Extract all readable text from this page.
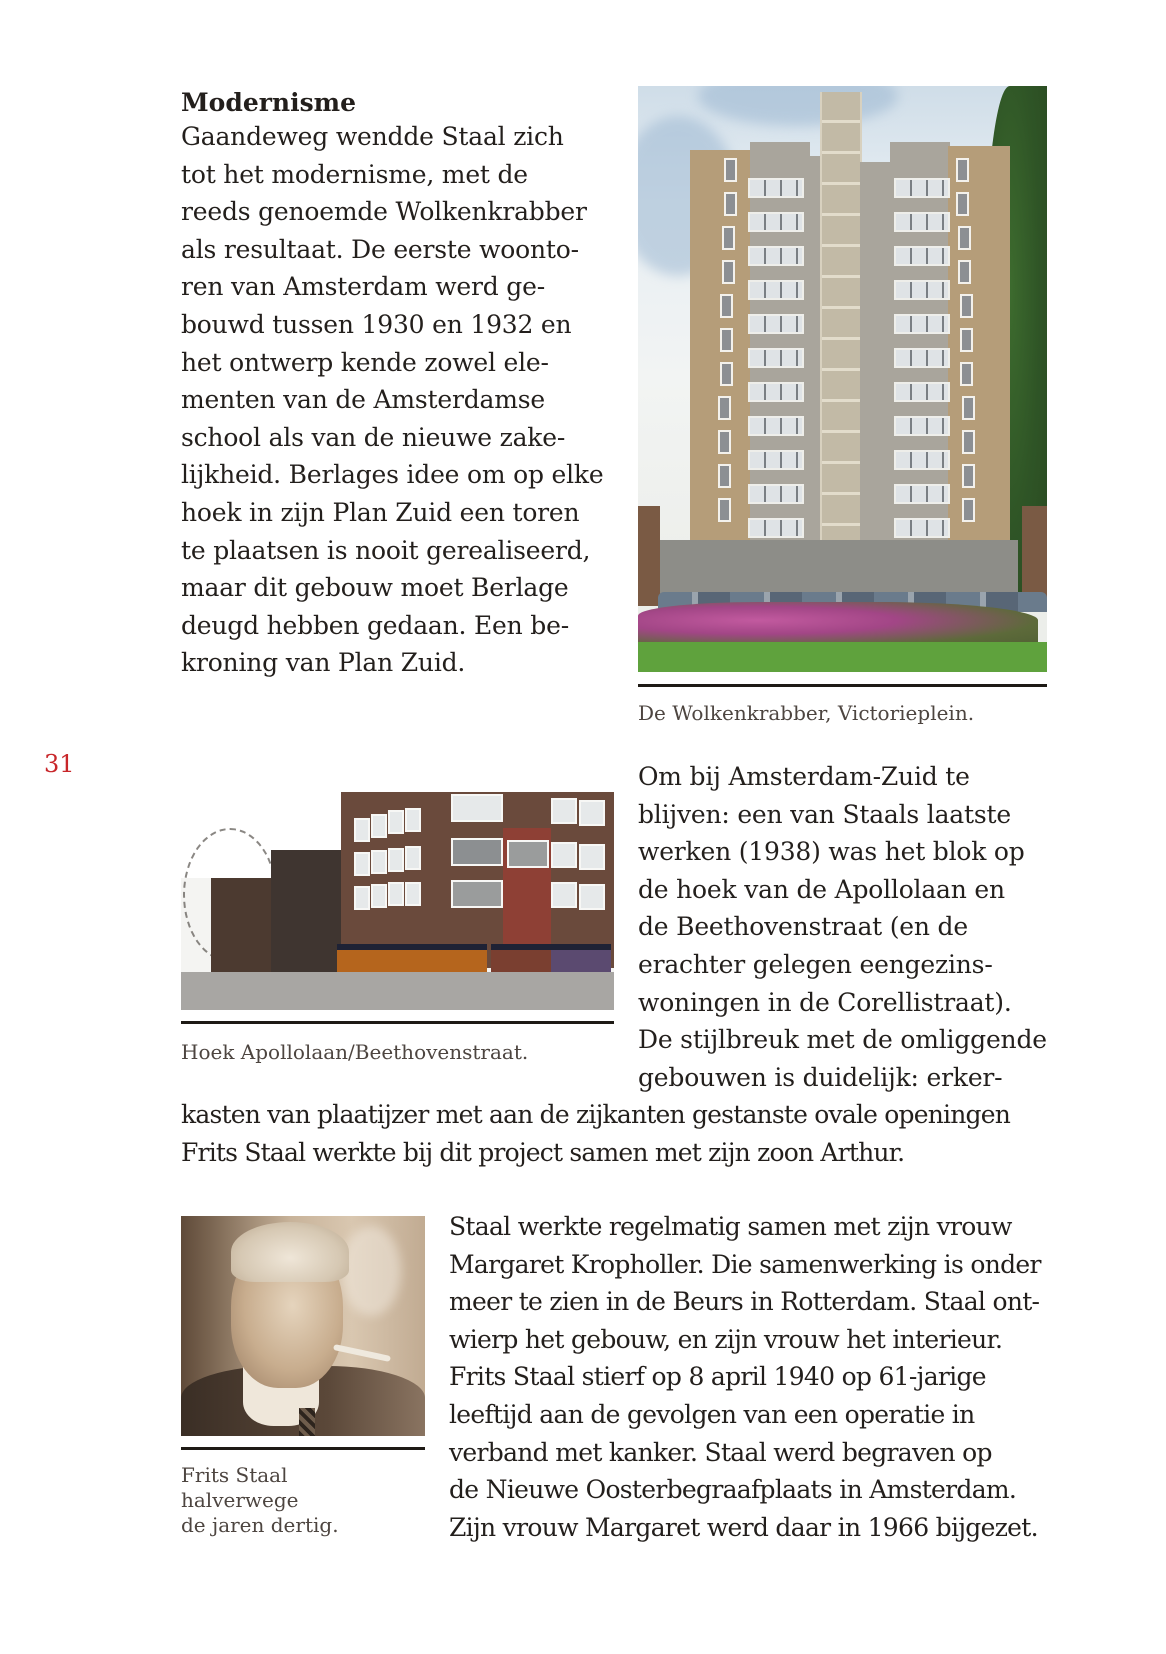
31
Modernisme
Gaandeweg wendde Staal zich
tot het modernisme, met de
reeds genoemde Wolkenkrabber
als resultaat. De eerste woonto-
ren van Amsterdam werd ge-
bouwd tussen 1930 en 1932 en
het ontwerp kende zowel ele-
menten van de Amsterdamse
school als van de nieuwe zake-
lijkheid. Berlages idee om op elke
hoek in zijn Plan Zuid een toren
te plaatsen is nooit gerealiseerd,
maar dit gebouw moet Berlage
deugd hebben gedaan. Een be-
kroning van Plan Zuid.
De Wolkenkrabber, Victorieplein.
Hoek Apollolaan/Beethovenstraat.
Om bij Amsterdam-Zuid te
blijven: een van Staals laatste
werken (1938) was het blok op
de hoek van de Apollolaan en
de Beethovenstraat (en de
erachter gelegen eengezins-
woningen in de Corellistraat).
De stijlbreuk met de omliggende
gebouwen is duidelijk: erker-
kasten van plaatijzer met aan de zijkanten gestanste ovale openingen
Frits Staal werkte bij dit project samen met zijn zoon Arthur.
Frits Staal
halverwege
de jaren dertig.
Staal werkte regelmatig samen met zijn vrouw
Margaret Kropholler. Die samenwerking is onder
meer te zien in de Beurs in Rotterdam. Staal ont-
wierp het gebouw, en zijn vrouw het interieur.
Frits Staal stierf op 8 april 1940 op 61-jarige
leeftijd aan de gevolgen van een operatie in
verband met kanker. Staal werd begraven op
de Nieuwe Oosterbegraafplaats in Amsterdam.
Zijn vrouw Margaret werd daar in 1966 bijgezet.
